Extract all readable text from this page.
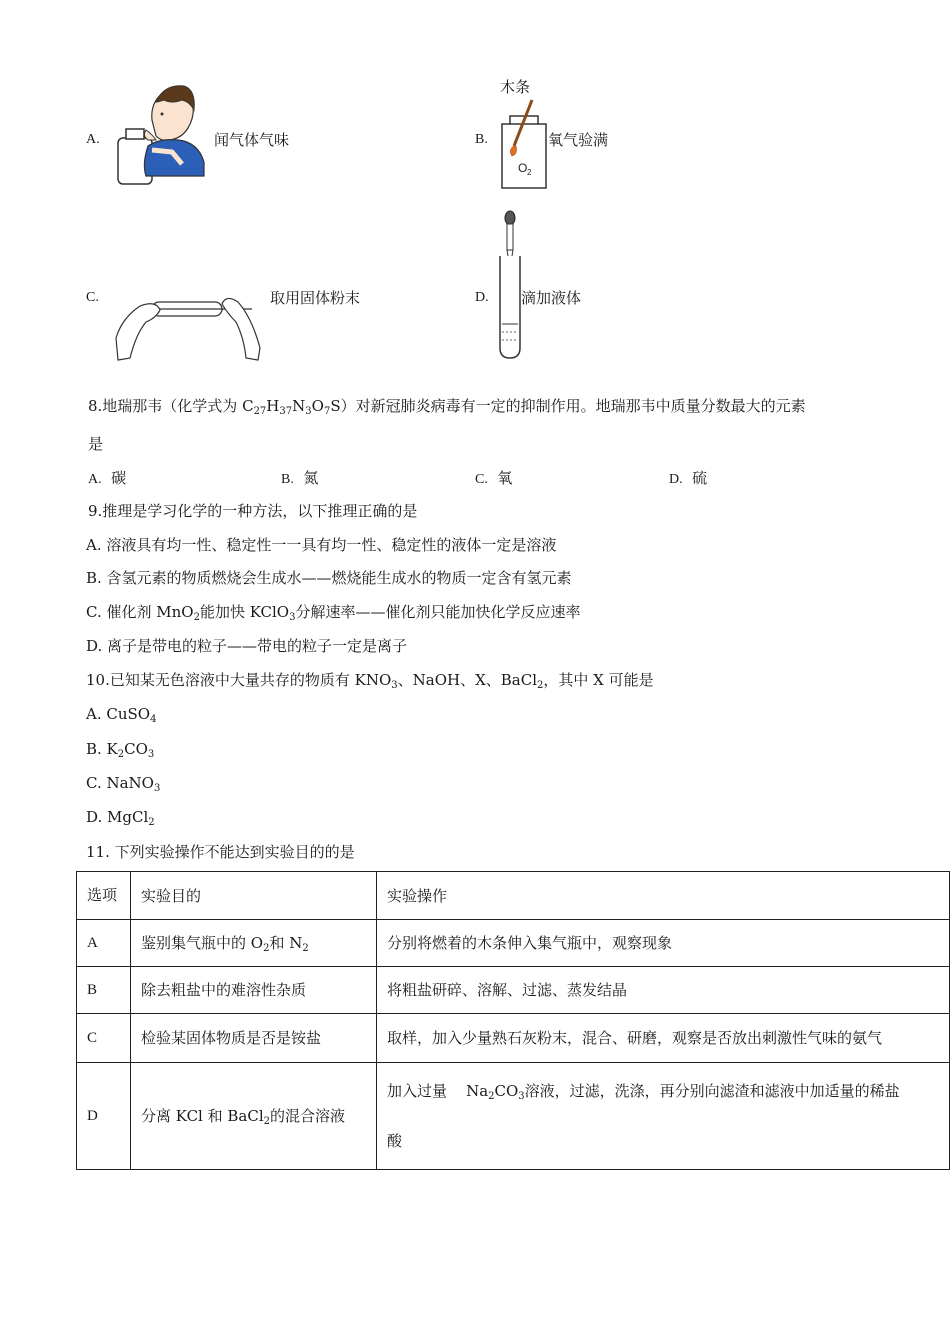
A.	闻气体气味	B.
木条
O 2
氧气验满
C.	取用固体粉末	D. 滴加液体
8.地瑞那韦（化学式为 $C_{27}H_{37}N_3O_7S$）对新冠肺炎病毒有一定的抑制作用。地瑞那韦中质量分数最大的元素
是
A. 碳	B. 氮	C. 氧	D. 硫
9.推理是学习化学的一种方法，以下推理正确的是
A. 溶液具有均一性、稳定性一一具有均一性、稳定性的液体一定是溶液
B. 含氢元素的物质燃烧会生成水——燃烧能生成水的物质一定含有氢元素
C. 催化剂 MnO$_2$能加快 KClO$_3$分解速率——催化剂只能加快化学反应速率
D. 离子是带电的粒子——带电的粒子一定是离子
10.已知某无色溶液中大量共存的物质有 $KNO_3$、NaOH、X、BaCl$_2$，其中 X 可能是
A. CuSO$_4$
B. $K_2CO_3$
C. NaNO$_3$
D. MgCl$_2$
11. 下列实验操作不能达到实验目的的是
选项	实验目的	实验操作
A	鉴别集气瓶中的 $O_2$和 $N_2$	分别将燃着的木条伸入集气瓶中，观察现象
B	除去粗盐中的难溶性杂质	将粗盐研碎、溶解、过滤、蒸发结晶
C	检验某固体物质是否是铵盐	取样，加入少量熟石灰粉末，混合、研磨，观察是否放出刺激性气味的氨气
D	分离 KCl 和 BaCl$_2$的混合溶液	加入过量    $Na_2CO_3$溶液，过滤，洗涤，再分别向滤渣和滤液中加适量的稀盐
酸
